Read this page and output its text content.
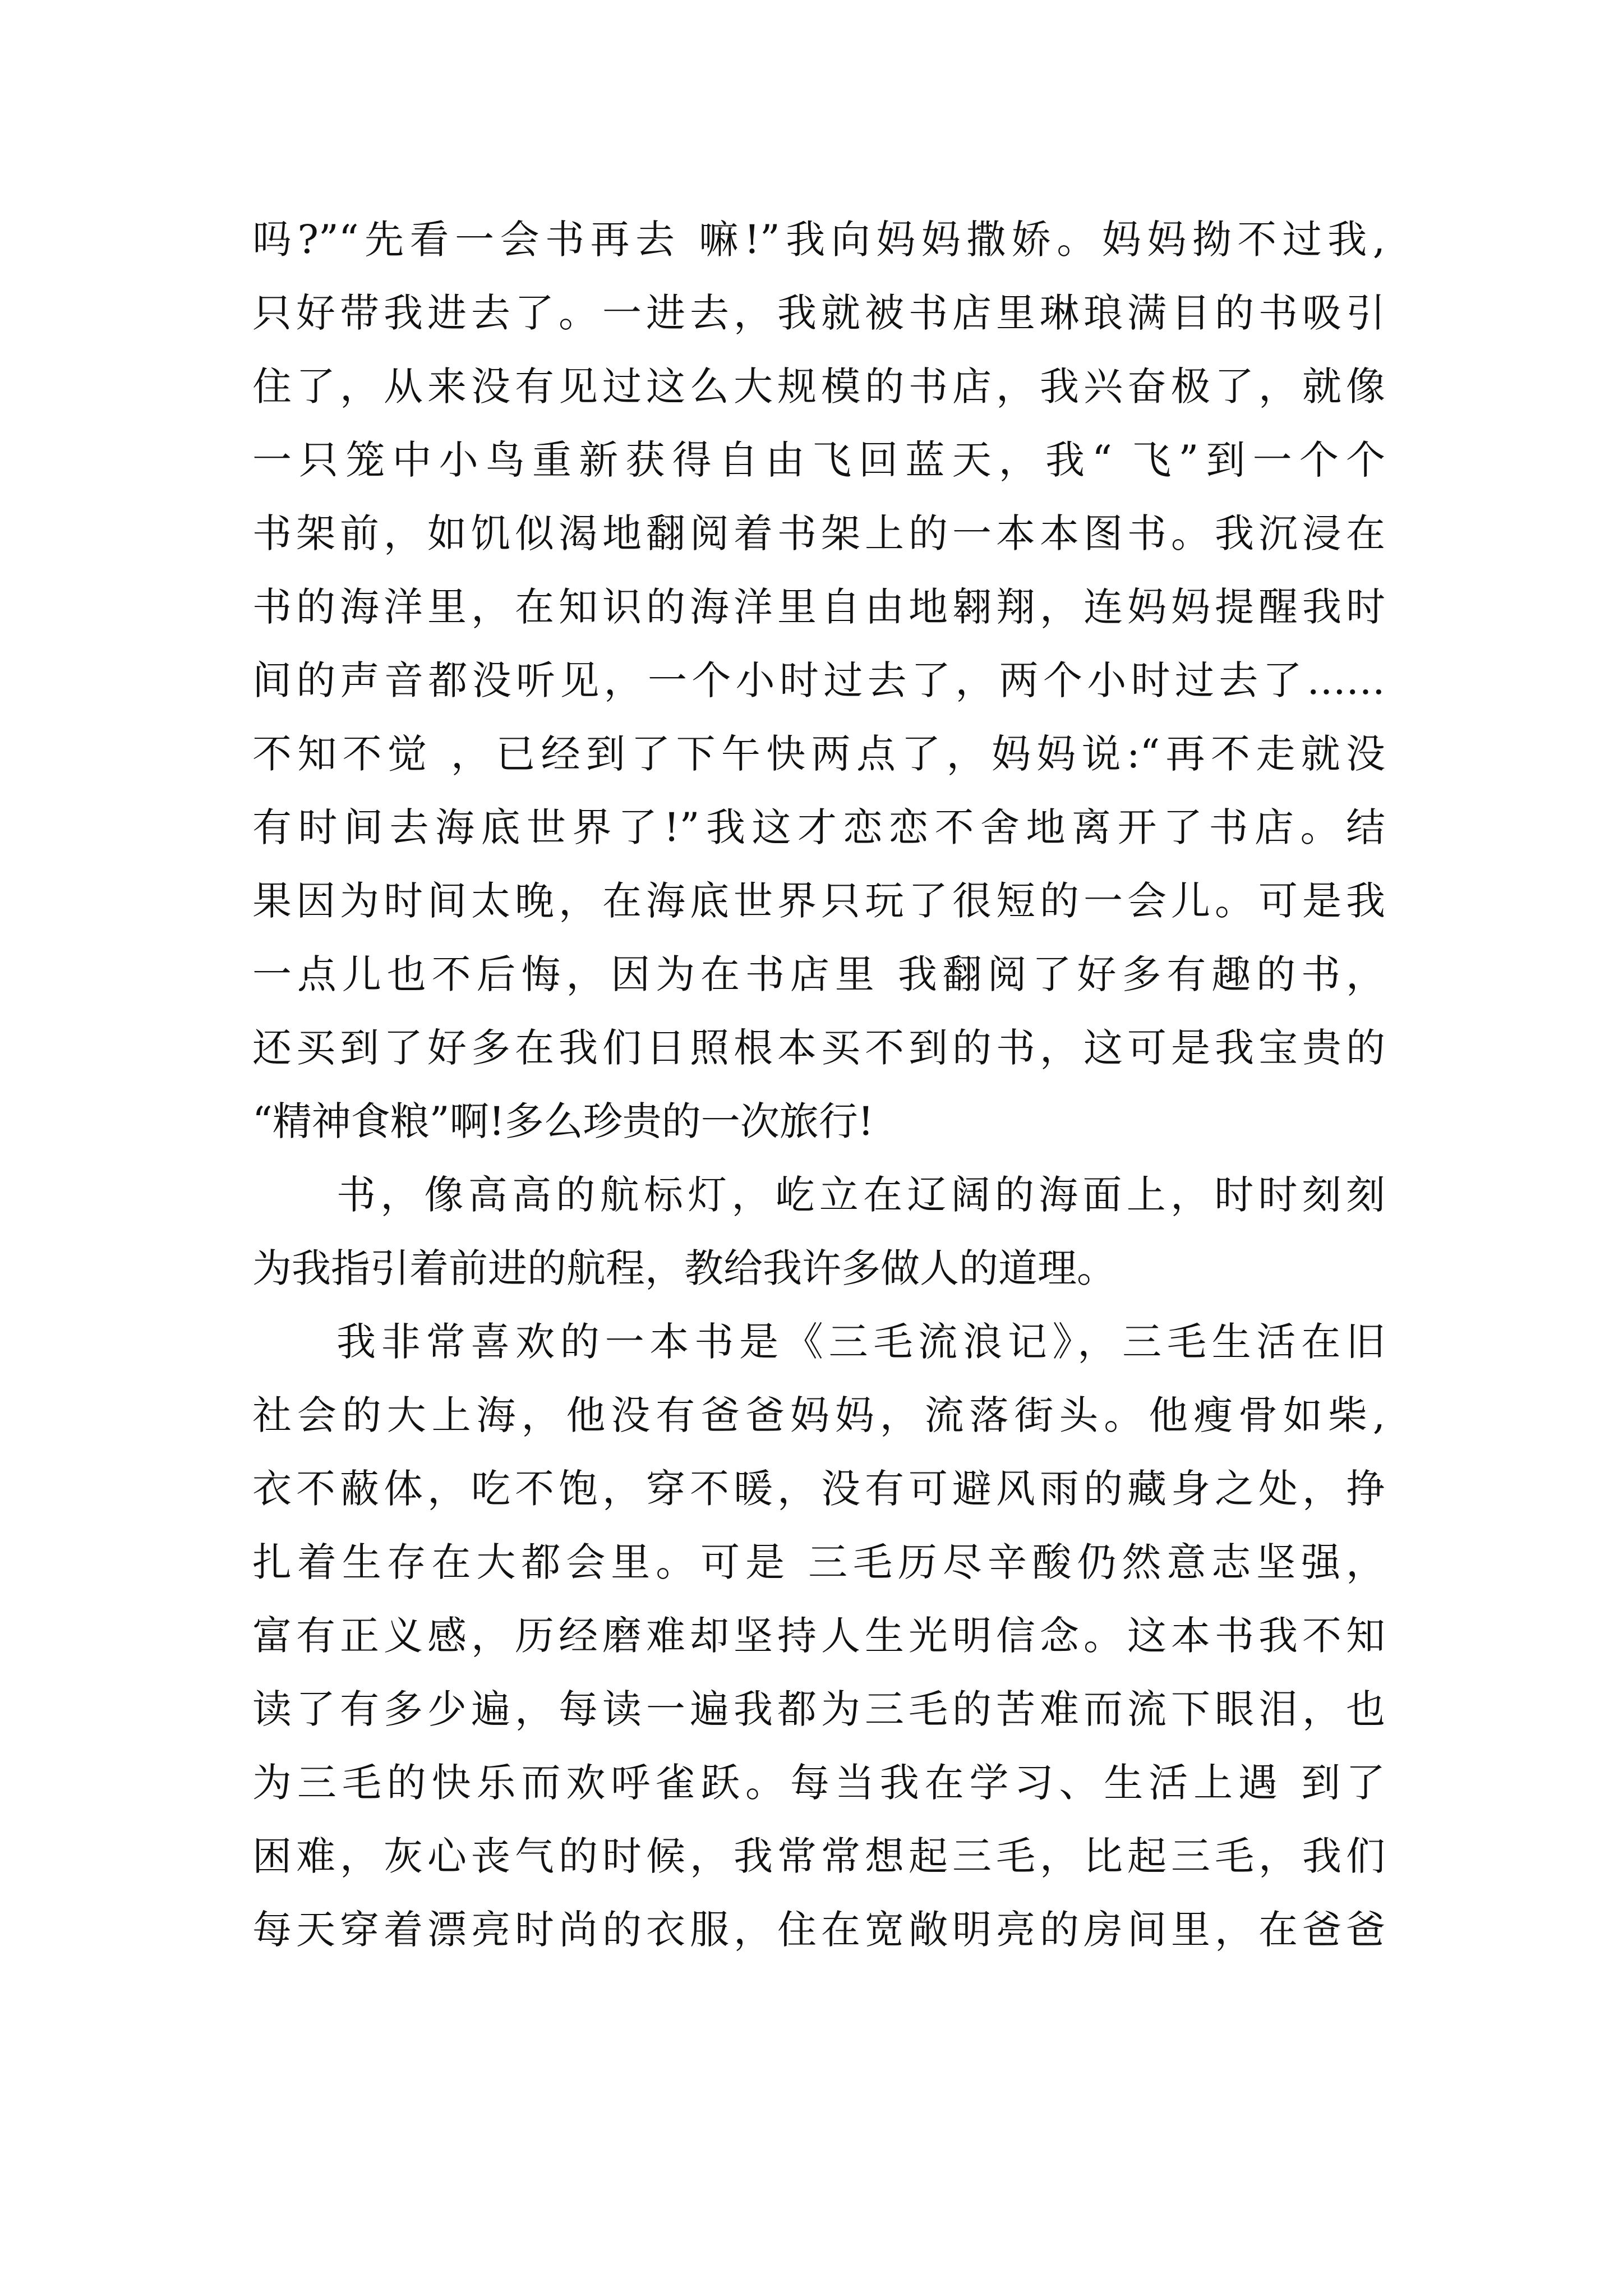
吗?”“先看一会书再去 嘛!”我向妈妈撒娇。妈妈拗不过我,
只好带我进去了。一进去，我就被书店里琳琅满目的书吸引
住了，从来没有见过这么大规模的书店，我兴奋极了，就像
一只笼中小鸟重新获得自由飞回蓝天，我“ 飞”到一个个
书架前，如饥似渴地翻阅着书架上的一本本图书。我沉浸在
书的海洋里，在知识的海洋里自由地翱翔，连妈妈提醒我时
间的声音都没听见，一个小时过去了，两个小时过去了……
不知不觉 ，已经到了下午快两点了，妈妈说:“再不走就没
有时间去海底世界了!”我这才恋恋不舍地离开了书店。结
果因为时间太晚，在海底世界只玩了很短的一会儿。可是我
一点儿也不后悔，因为在书店里 我翻阅了好多有趣的书，
还买到了好多在我们日照根本买不到的书，这可是我宝贵的
“精神食粮”啊!多么珍贵的一次旅行!
书，像高高的航标灯，屹立在辽阔的海面上，时时刻刻
为我指引着前进的航程，教给我许多做人的道理。
我非常喜欢的一本书是《三毛流浪记》，三毛生活在旧
社会的大上海，他没有爸爸妈妈，流落街头。他瘦骨如柴,
衣不蔽体，吃不饱，穿不暖，没有可避风雨的藏身之处，挣
扎着生存在大都会里。可是 三毛历尽辛酸仍然意志坚强，
富有正义感，历经磨难却坚持人生光明信念。这本书我不知
读了有多少遍，每读一遍我都为三毛的苦难而流下眼泪，也
为三毛的快乐而欢呼雀跃。每当我在学习、生活上遇 到了
困难，灰心丧气的时候，我常常想起三毛，比起三毛，我们
每天穿着漂亮时尚的衣服，住在宽敞明亮的房间里，在爸爸
